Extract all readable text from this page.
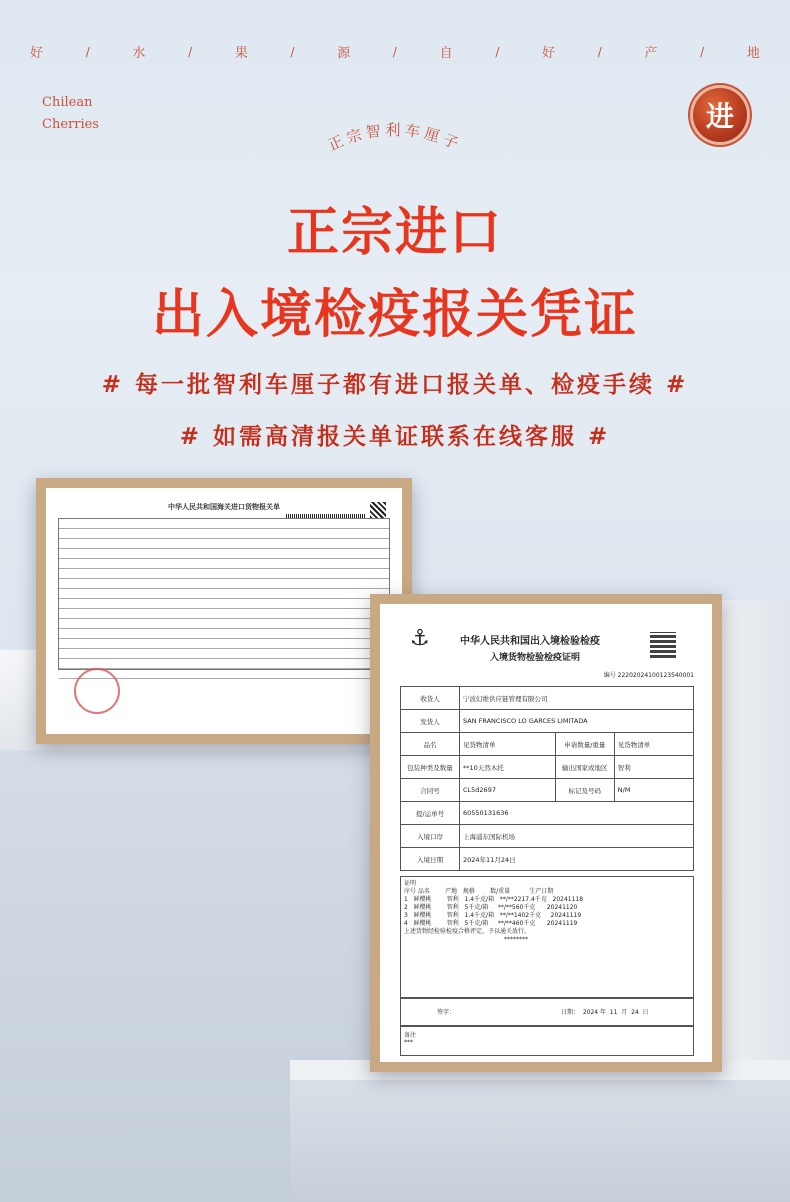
好	/	水	/	果	/	源	/	自	/	好	/	产	/	地
Chilean
Cherries	进
正宗智利车厘子
正宗进口
出入境检疫报关凭证
# 每一批智利车厘子都有进口报关单、检疫手续 #
# 如需高清报关单证联系在线客服 #
中华人民共和国海关进口货物报关单
⚓	中华人民共和国出入境检验检疫
入境货物检验检疫证明
编号 22202024100123540001
收货人	宁波幻维供应链管理有限公司		
发货人	SAN FRANCISCO LO GARCES LIMITADA		
品名	见货物清单	申请数量/重量	见货物清单
包装种类及数量	**10天然木托	输出国家或地区	智利
合同号	CL5d2697	标记及号码	N/M
提/运单号	60550131636		
入境口岸	上海浦东国际机场		
入境日期	2024年11月24日		
证明
序号 品名        产地   规格        数/重量          生产日期
1   鲜樱桃        智利   1.4千克/箱   **/**2217.4千克   20241118
2   鲜樱桃        智利   5千克/箱     **/**560千克      20241120
3   鲜樱桃        智利   1.4千克/箱   **/**1402千克     20241119
4   鲜樱桃        智利   5千克/箱     **/**460千克      20241119
上述货物经检验检疫合格评定，予以通关放行。
********
签字：	日期：  2024 年  11  月  24  日
备注
***
